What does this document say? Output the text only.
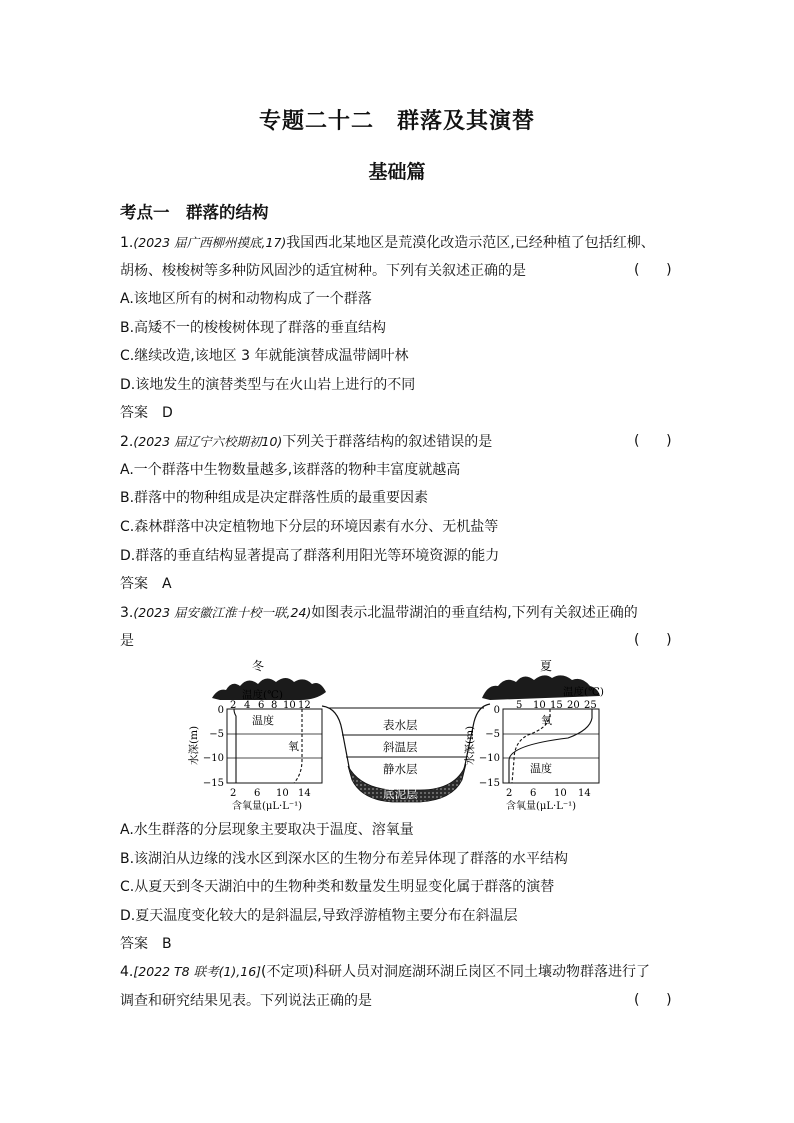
专题二十二　群落及其演替
基础篇
考点一　群落的结构
1.(2023 届广西柳州摸底,17)我国西北某地区是荒漠化改造示范区,已经种植了包括红柳、
胡杨、梭梭树等多种防风固沙的适宜树种。下列有关叙述正确的是	(      )
A.该地区所有的树和动物构成了一个群落
B.高矮不一的梭梭树体现了群落的垂直结构
C.继续改造,该地区 3 年就能演替成温带阔叶林
D.该地发生的演替类型与在火山岩上进行的不同
答案　D
2.(2023 届辽宁六校期初10)下列关于群落结构的叙述错误的是	(      )
A.一个群落中生物数量越多,该群落的物种丰富度就越高
B.群落中的物种组成是决定群落性质的最重要因素
C.森林群落中决定植物地下分层的环境因素有水分、无机盐等
D.群落的垂直结构显著提高了群落利用阳光等环境资源的能力
答案　A
3.(2023 届安徽江淮十校一联,24)如图表示北温带湖泊的垂直结构,下列有关叙述正确的
是	(      )
冬	夏
表水层
斜温层
静水层
底泥层
温度(℃)
2 4 6 8 10 12
0
−5
−10
−15
水深(m)
温度
氧
2 6 10 14
含氧量(μL·L⁻¹)
温度(℃)
5 10 15 20 25
0
−5
−10
−15
水深(m)
氧
温度
2 6 10 14
含氧量(μL·L⁻¹)
A.水生群落的分层现象主要取决于温度、溶氧量
B.该湖泊从边缘的浅水区到深水区的生物分布差异体现了群落的水平结构
C.从夏天到冬天湖泊中的生物种类和数量发生明显变化属于群落的演替
D.夏天温度变化较大的是斜温层,导致浮游植物主要分布在斜温层
答案　B
4.[2022 T8 联考(1),16](不定项)科研人员对洞庭湖环湖丘岗区不同土壤动物群落进行了
调查和研究结果见表。下列说法正确的是	(      )
